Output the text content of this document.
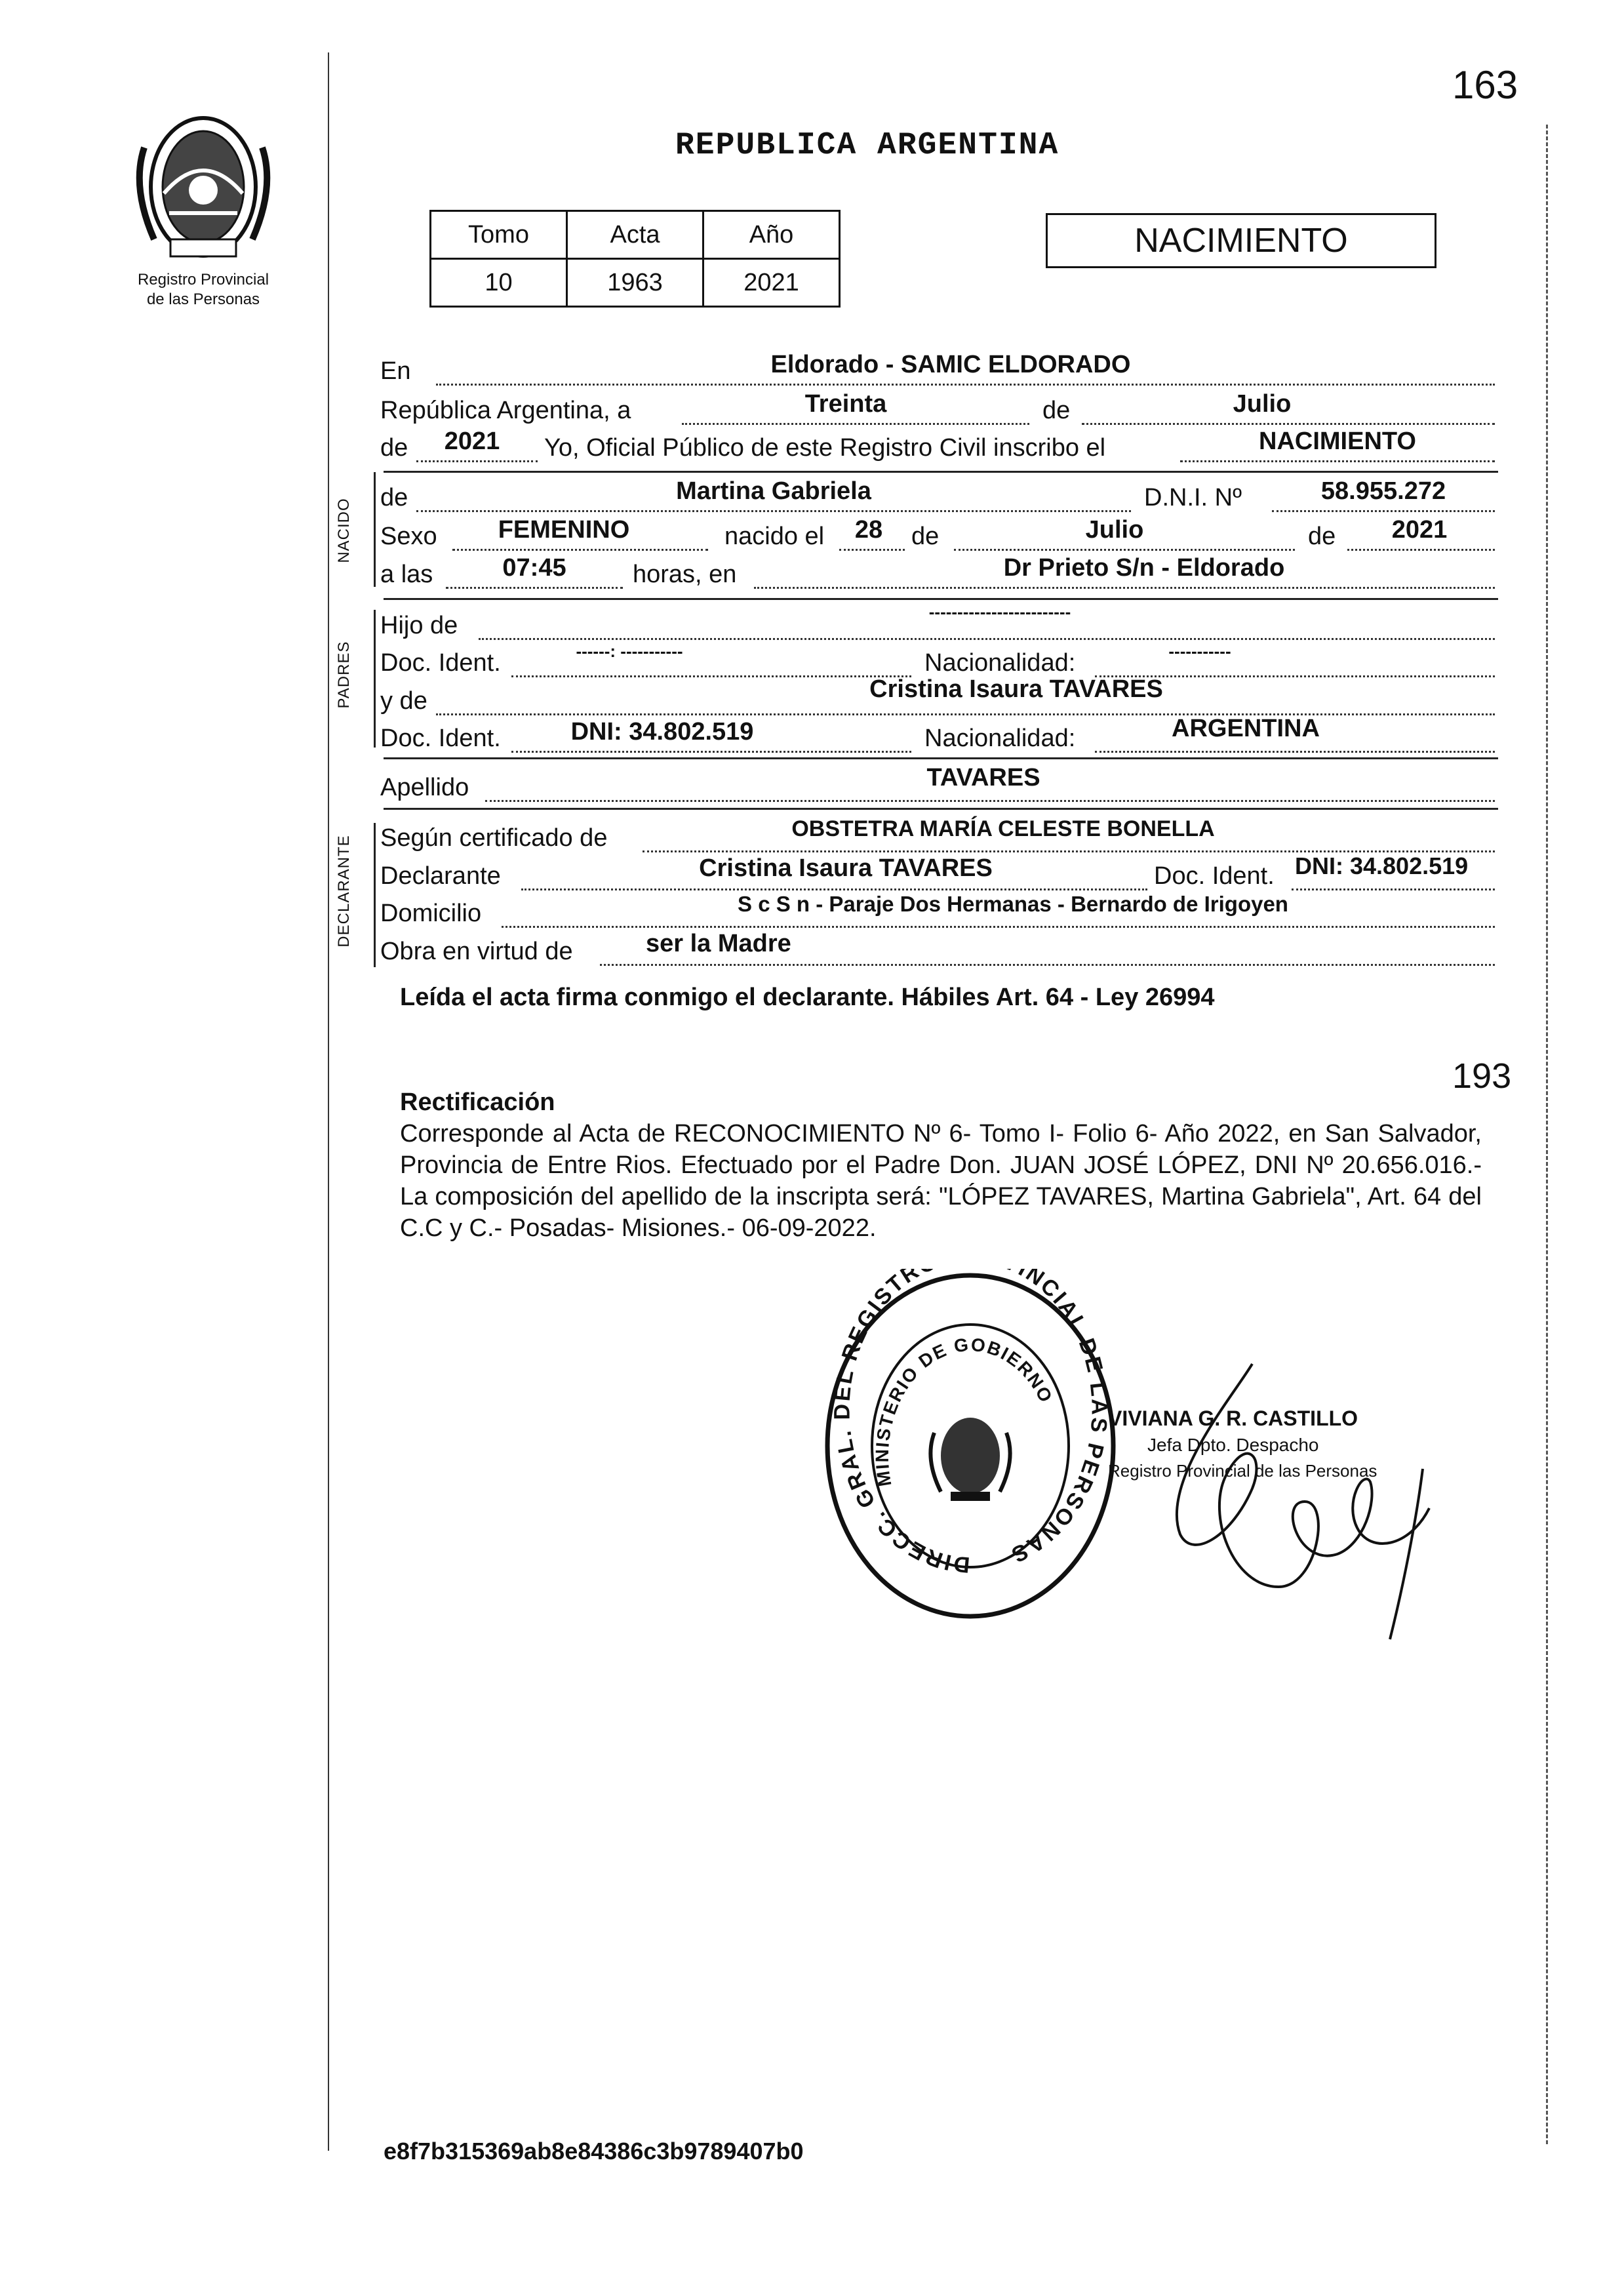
163
Registro Provincial
de las Personas
REPUBLICA ARGENTINA
Tomo	Acta	Año
10	1963	2021
NACIMIENTO
NACIDO
PADRES
DECLARANTE
En	Eldorado - SAMIC ELDORADO
República Argentina, a	Treinta	de	Julio
de	2021	Yo, Oficial Público de este Registro Civil inscribo el	NACIMIENTO
de	Martina Gabriela	D.N.I. Nº	58.955.272
Sexo	FEMENINO	nacido el	28	de	Julio	de	2021
a las	07:45	horas, en	Dr Prieto S/n - Eldorado
Hijo de	-------------------------
Doc. Ident.	------: -----------	Nacionalidad:	-----------
y de	Cristina Isaura TAVARES
Doc. Ident.	DNI: 34.802.519	Nacionalidad:	ARGENTINA
Apellido	TAVARES
Según certificado de	OBSTETRA MARÍA CELESTE BONELLA
Declarante	Cristina Isaura TAVARES	Doc. Ident. DNI: 34.802.519
Domicilio	S c S n - Paraje Dos Hermanas - Bernardo de Irigoyen
Obra en virtud de	ser la Madre
Leída el acta firma conmigo el declarante. Hábiles Art. 64 - Ley 26994
193
Rectificación
Corresponde al Acta de RECONOCIMIENTO Nº 6- Tomo I- Folio 6- Año 2022, en San Salvador, Provincia de Entre Rios. Efectuado por el Padre Don. JUAN JOSÉ LÓPEZ, DNI Nº 20.656.016.- La composición del apellido de la inscripta será: "LÓPEZ TAVARES, Martina Gabriela", Art. 64 del C.C y C.- Posadas- Misiones.- 06-09-2022.
DIRECC. GRAL. DEL REGISTR INCIAL DE LAS PERSONAS
MINISTERIO DE GOBIERNO
VIVIANA G. R. CASTILLO
Jefa Dpto. Despacho
Registro Provincial de las Personas
e8f7b315369ab8e84386c3b9789407b0
